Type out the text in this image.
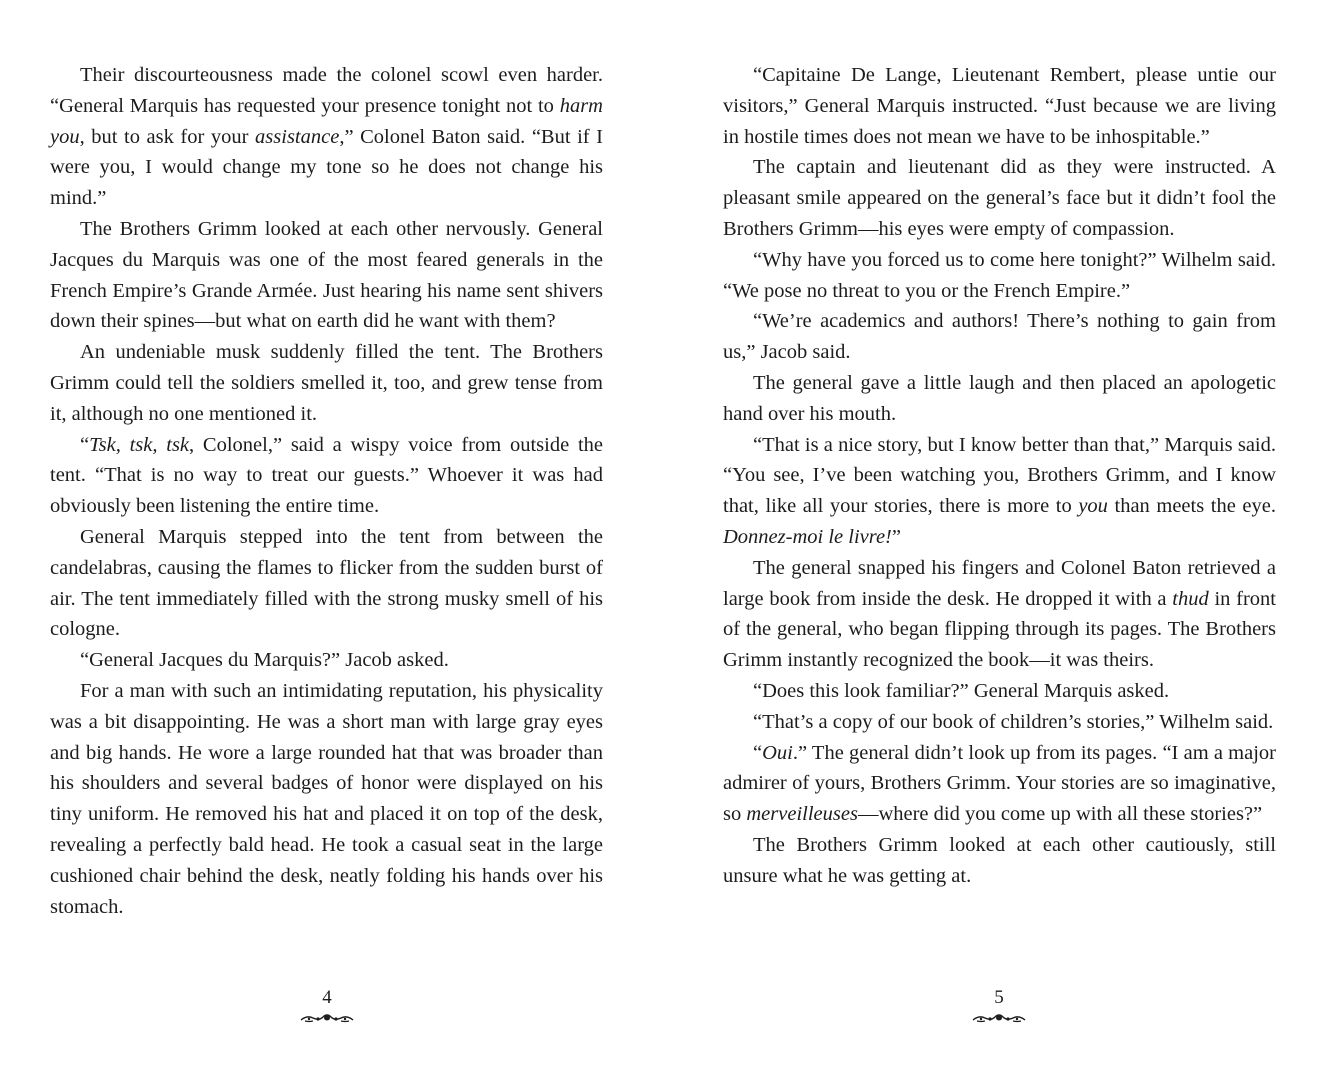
Their discourteousness made the colonel scowl even harder. “General Marquis has requested your presence tonight not to harm you, but to ask for your assistance,” Colonel Baton said. “But if I were you, I would change my tone so he does not change his mind.”

The Brothers Grimm looked at each other nervously. General Jacques du Marquis was one of the most feared generals in the French Empire’s Grande Armée. Just hearing his name sent shivers down their spines—but what on earth did he want with them?

An undeniable musk suddenly filled the tent. The Brothers Grimm could tell the soldiers smelled it, too, and grew tense from it, although no one mentioned it.

“Tsk, tsk, tsk, Colonel,” said a wispy voice from outside the tent. “That is no way to treat our guests.” Whoever it was had obviously been listening the entire time.

General Marquis stepped into the tent from between the candelabras, causing the flames to flicker from the sudden burst of air. The tent immediately filled with the strong musky smell of his cologne.

“General Jacques du Marquis?” Jacob asked.

For a man with such an intimidating reputation, his physicality was a bit disappointing. He was a short man with large gray eyes and big hands. He wore a large rounded hat that was broader than his shoulders and several badges of honor were displayed on his tiny uniform. He removed his hat and placed it on top of the desk, revealing a perfectly bald head. He took a casual seat in the large cushioned chair behind the desk, neatly folding his hands over his stomach.

4

“Capitaine De Lange, Lieutenant Rembert, please untie our visitors,” General Marquis instructed. “Just because we are living in hostile times does not mean we have to be inhospitable.”

The captain and lieutenant did as they were instructed. A pleasant smile appeared on the general’s face but it didn’t fool the Brothers Grimm—his eyes were empty of compassion.

“Why have you forced us to come here tonight?” Wilhelm said. “We pose no threat to you or the French Empire.”

“We’re academics and authors! There’s nothing to gain from us,” Jacob said.

The general gave a little laugh and then placed an apologetic hand over his mouth.

“That is a nice story, but I know better than that,” Marquis said. “You see, I’ve been watching you, Brothers Grimm, and I know that, like all your stories, there is more to you than meets the eye. Donnez-moi le livre!”

The general snapped his fingers and Colonel Baton retrieved a large book from inside the desk. He dropped it with a thud in front of the general, who began flipping through its pages. The Brothers Grimm instantly recognized the book—it was theirs.

“Does this look familiar?” General Marquis asked.

“That’s a copy of our book of children’s stories,” Wilhelm said.

“Oui.” The general didn’t look up from its pages. “I am a major admirer of yours, Brothers Grimm. Your stories are so imaginative, so merveilleuses—where did you come up with all these stories?”

The Brothers Grimm looked at each other cautiously, still unsure what he was getting at.

5
